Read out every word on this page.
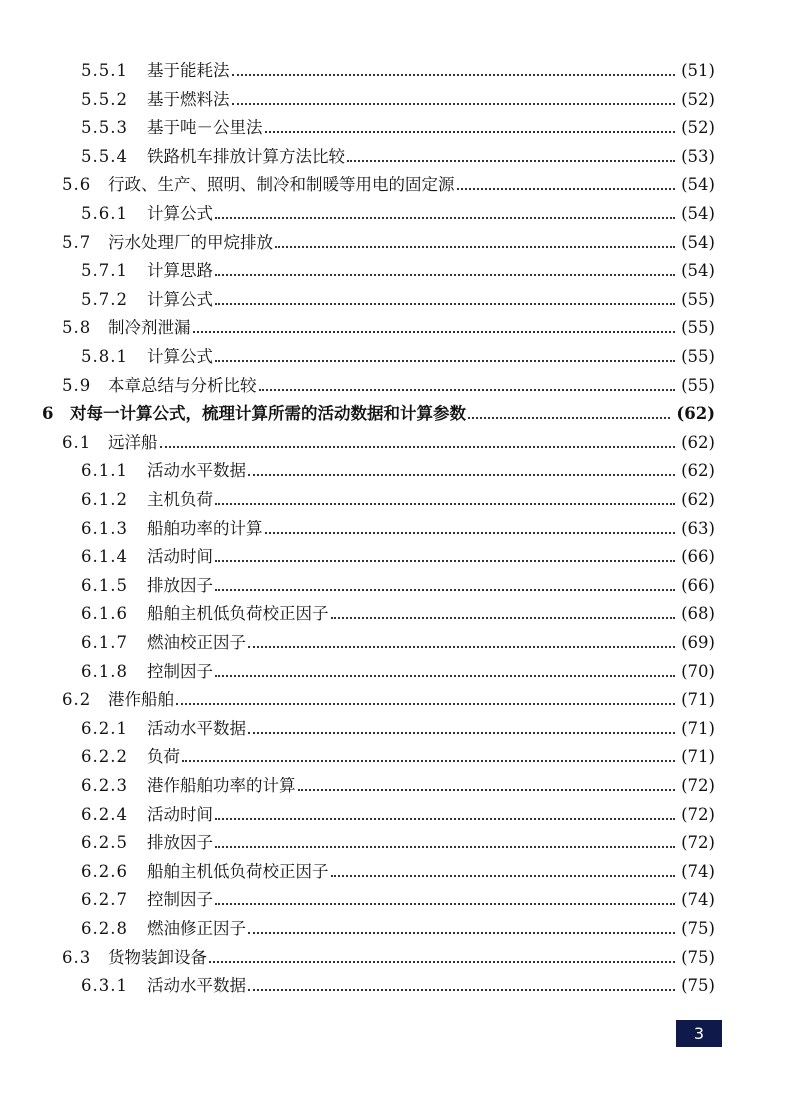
5.5.1	基于能耗法	(51)
5.5.2	基于燃料法	(52)
5.5.3	基于吨－公里法	(52)
5.5.4	铁路机车排放计算方法比较	(53)
5.6	行政、生产、照明、制冷和制暖等用电的固定源	(54)
5.6.1	计算公式	(54)
5.7	污水处理厂的甲烷排放	(54)
5.7.1	计算思路	(54)
5.7.2	计算公式	(55)
5.8	制冷剂泄漏	(55)
5.8.1	计算公式	(55)
5.9	本章总结与分析比较	(55)
6 对每一计算公式，梳理计算所需的活动数据和计算参数	(62)
6.1	远洋船	(62)
6.1.1	活动水平数据	(62)
6.1.2	主机负荷	(62)
6.1.3	船舶功率的计算	(63)
6.1.4	活动时间	(66)
6.1.5	排放因子	(66)
6.1.6	船舶主机低负荷校正因子	(68)
6.1.7	燃油校正因子	(69)
6.1.8	控制因子	(70)
6.2	港作船舶	(71)
6.2.1	活动水平数据	(71)
6.2.2	负荷	(71)
6.2.3	港作船舶功率的计算	(72)
6.2.4	活动时间	(72)
6.2.5	排放因子	(72)
6.2.6	船舶主机低负荷校正因子	(74)
6.2.7	控制因子	(74)
6.2.8	燃油修正因子	(75)
6.3	货物装卸设备	(75)
6.3.1	活动水平数据	(75)
3
